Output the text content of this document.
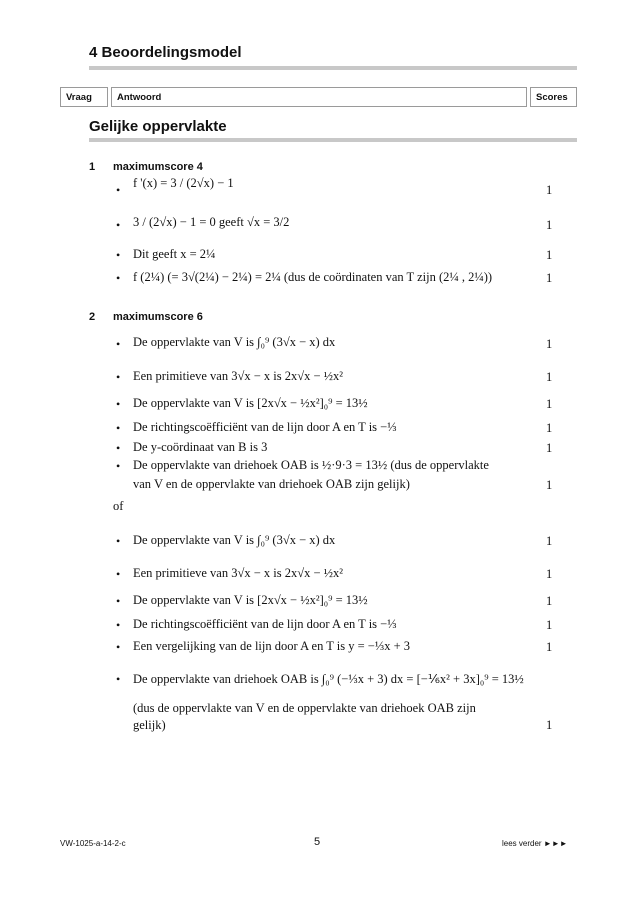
4 Beoordelingsmodel
Vraag	Antwoord	Scores
Gelijke oppervlakte
1 maximumscore 4
• f '(x) = 3 / (2√x) − 1	1
• 3 / (2√x) − 1 = 0 geeft √x = 3/2	1
• Dit geeft x = 2¼	1
• f (2¼) (= 3√(2¼) − 2¼) = 2¼ (dus de coördinaten van T zijn (2¼ , 2¼))	1
2 maximumscore 6
• De oppervlakte van V is ∫₀⁹ (3√x − x) dx	1
• Een primitieve van 3√x − x is 2x√x − ½x²	1
• De oppervlakte van V is [2x√x − ½x²]₀⁹ = 13½	1
• De richtingscoëfficiënt van de lijn door A en T is −⅓	1
• De y-coördinaat van B is 3	1
• De oppervlakte van driehoek OAB is ½·9·3 = 13½ (dus de oppervlakte
van V en de oppervlakte van driehoek OAB zijn gelijk)	1
of
• De oppervlakte van V is ∫₀⁹ (3√x − x) dx	1
• Een primitieve van 3√x − x is 2x√x − ½x²	1
• De oppervlakte van V is [2x√x − ½x²]₀⁹ = 13½	1
• De richtingscoëfficiënt van de lijn door A en T is −⅓	1
• Een vergelijking van de lijn door A en T is y = −⅓x + 3	1
• De oppervlakte van driehoek OAB is ∫₀⁹ (−⅓x + 3) dx = [−⅙x² + 3x]₀⁹ = 13½
(dus de oppervlakte van V en de oppervlakte van driehoek OAB zijn
gelijk)	1
VW-1025-a-14-2-c	5	lees verder ►►►
